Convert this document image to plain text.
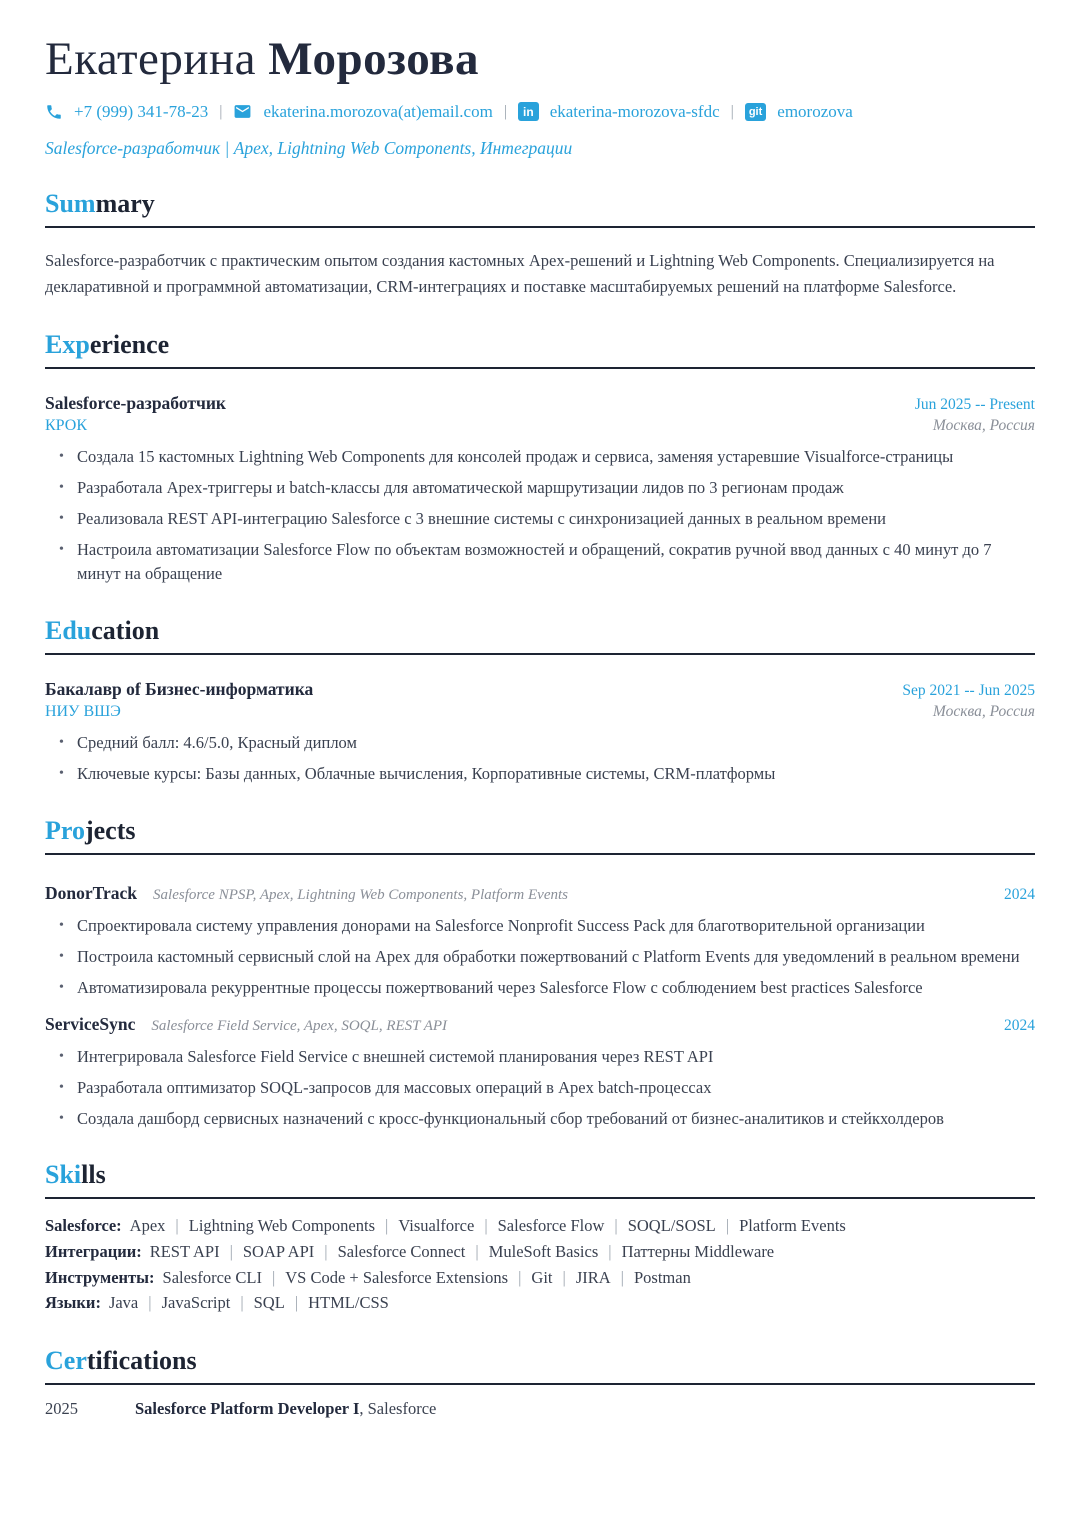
Екатерина Морозова
+7 (999) 341-78-23 | ekaterina.morozova(at)email.com |	in ekaterina-morozova-sfdc |	git emorozova

Salesforce-разработчик | Apex, Lightning Web Components, Интеграции

Summary

Salesforce-разработчик с практическим опытом создания кастомных Apex-решений и Lightning Web Components. Специализируется на декларативной и программной автоматизации, CRM-интеграциях и поставке масштабируемых решений на платформе Salesforce.

Experience
Salesforce-разработчик	Jun 2025 -- Present
КРОК	Москва, Россия
• Создала 15 кастомных Lightning Web Components для консолей продаж и сервиса, заменяя устаревшие Visualforce-страницы
• Разработала Apex-триггеры и batch-классы для автоматической маршрутизации лидов по 3 регионам продаж
• Реализовала REST API-интеграцию Salesforce с 3 внешние системы с синхронизацией данных в реальном времени
• Настроила автоматизации Salesforce Flow по объектам возможностей и обращений, сократив ручной ввод данных с 40 минут до 7 минут на обращение
Education
Бакалавр of Бизнес-информатика	Sep 2021 -- Jun 2025
НИУ ВШЭ	Москва, Россия
• Средний балл: 4.6/5.0, Красный диплом
• Ключевые курсы: Базы данных, Облачные вычисления, Корпоративные системы, CRM-платформы
Projects
DonorTrack Salesforce NPSP, Apex, Lightning Web Components, Platform Events	2024
• Спроектировала систему управления донорами на Salesforce Nonprofit Success Pack для благотворительной организации
• Построила кастомный сервисный слой на Apex для обработки пожертвований с Platform Events для уведомлений в реальном времени
• Автоматизировала рекуррентные процессы пожертвований через Salesforce Flow с соблюдением best practices Salesforce
ServiceSync Salesforce Field Service, Apex, SOQL, REST API	2024
• Интегрировала Salesforce Field Service с внешней системой планирования через REST API
• Разработала оптимизатор SOQL-запросов для массовых операций в Apex batch-процессах
• Создала дашборд сервисных назначений с кросс-функциональный сбор требований от бизнес-аналитиков и стейкхолдеров
Skills
Salesforce: Apex | Lightning Web Components | Visualforce | Salesforce Flow | SOQL/SOSL | Platform Events
Интеграции: REST API | SOAP API | Salesforce Connect | MuleSoft Basics | Паттерны Middleware
Инструменты: Salesforce CLI | VS Code + Salesforce Extensions | Git | JIRA | Postman
Языки: Java | JavaScript | SQL | HTML/CSS
Certifications
2025	Salesforce Platform Developer I, Salesforce
